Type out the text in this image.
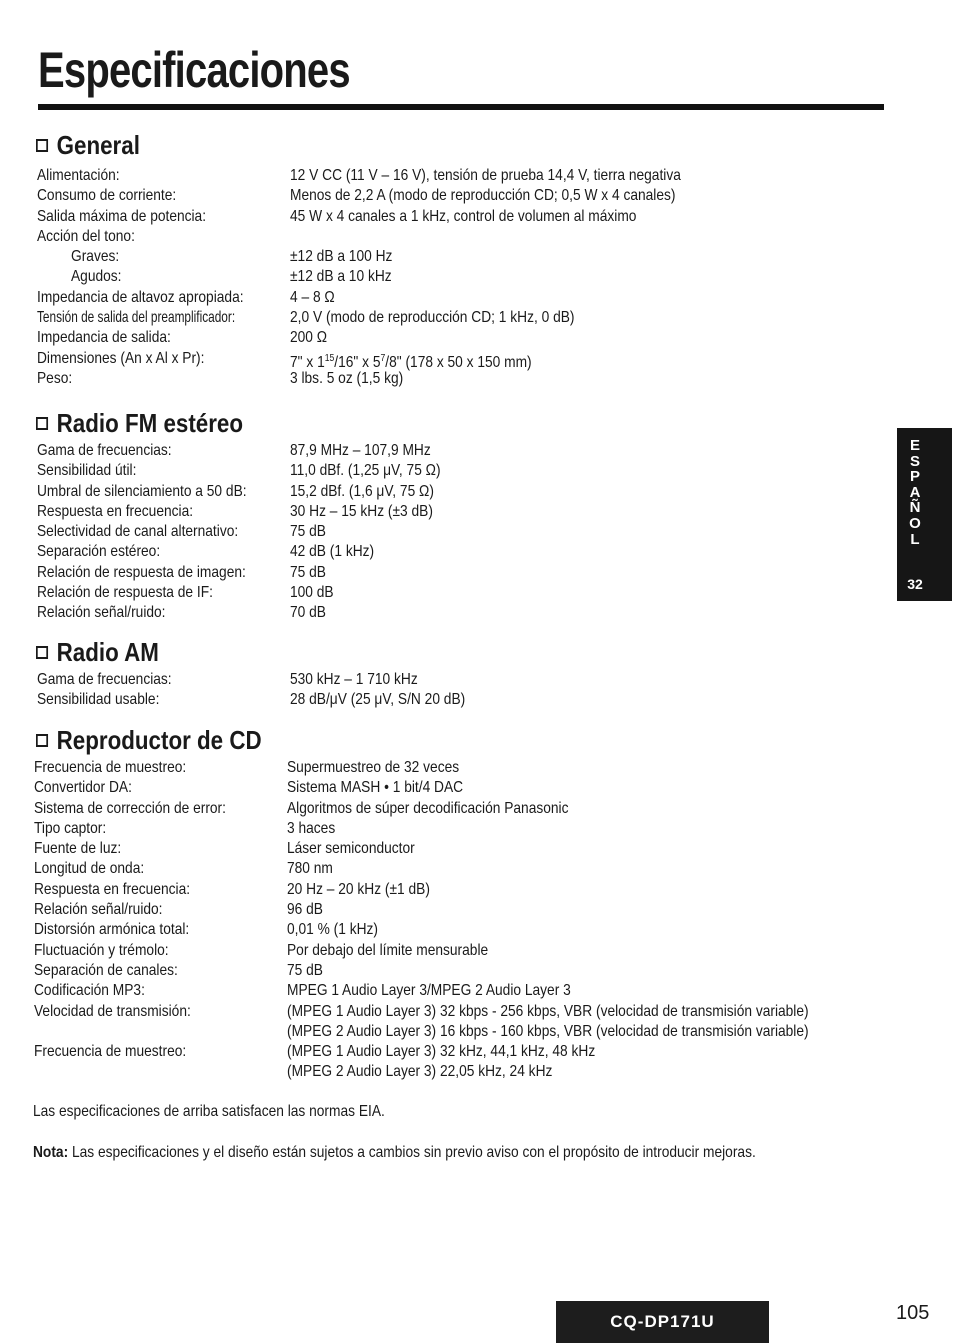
Especificaciones
General
Alimentación:	12 V CC (11 V – 16 V), tensión de prueba 14,4 V, tierra negativa
Consumo de corriente:	Menos de 2,2 A (modo de reproducción CD; 0,5 W x 4 canales)
Salida máxima de potencia:	45 W x 4 canales a 1 kHz, control de volumen al máximo
Acción del tono:
Graves:	±12 dB a 100 Hz
Agudos:	±12 dB a 10 kHz
Impedancia de altavoz apropiada:	4 – 8 Ω
Tensión de salida del preamplificador:	2,0 V (modo de reproducción CD; 1 kHz, 0 dB)
Impedancia de salida:	200 Ω
Dimensiones (An x Al x Pr):	7" x $1^{15}/16$" x $5^7/8$" (178 x 50 x 150 mm)
Peso:	3 lbs. 5 oz (1,5 kg)
Radio FM estéreo
Gama de frecuencias:	87,9 MHz – 107,9 MHz
Sensibilidad útil:	11,0 dBf. (1,25 μV, 75 Ω)
Umbral de silenciamiento a 50 dB:	15,2 dBf. (1,6 μV, 75 Ω)
Respuesta en frecuencia:	30 Hz – 15 kHz (±3 dB)
Selectividad de canal alternativo:	75 dB
Separación estéreo:	42 dB (1 kHz)
Relación de respuesta de imagen:	75 dB
Relación de respuesta de IF:	100 dB
Relación señal/ruido:	70 dB
Radio AM
Gama de frecuencias:	530 kHz – 1 710 kHz
Sensibilidad usable:	28 dB/μV (25 μV, S/N 20 dB)
Reproductor de CD
Frecuencia de muestreo:	Supermuestreo de 32 veces
Convertidor DA:	Sistema MASH • 1 bit/4 DAC
Sistema de corrección de error:	Algoritmos de súper decodificación Panasonic
Tipo captor:	3 haces
Fuente de luz:	Láser semiconductor
Longitud de onda:	780 nm
Respuesta en frecuencia:	20 Hz – 20 kHz (±1 dB)
Relación señal/ruido:	96 dB
Distorsión armónica total:	0,01 % (1 kHz)
Fluctuación y trémolo:	Por debajo del límite mensurable
Separación de canales:	75 dB
Codificación MP3:	MPEG 1 Audio Layer 3/MPEG 2 Audio Layer 3
Velocidad de transmisión:	(MPEG 1 Audio Layer 3) 32 kbps - 256 kbps, VBR (velocidad de transmisión variable)
(MPEG 2 Audio Layer 3) 16 kbps - 160 kbps, VBR (velocidad de transmisión variable)
Frecuencia de muestreo:	(MPEG 1 Audio Layer 3) 32 kHz, 44,1 kHz, 48 kHz
(MPEG 2 Audio Layer 3) 22,05 kHz, 24 kHz
Las especificaciones de arriba satisfacen las normas EIA.
Nota: Las especificaciones y el diseño están sujetos a cambios sin previo aviso con el propósito de introducir mejoras.
E
S
P
A
Ñ
O
L
32
CQ-DP171U	105
